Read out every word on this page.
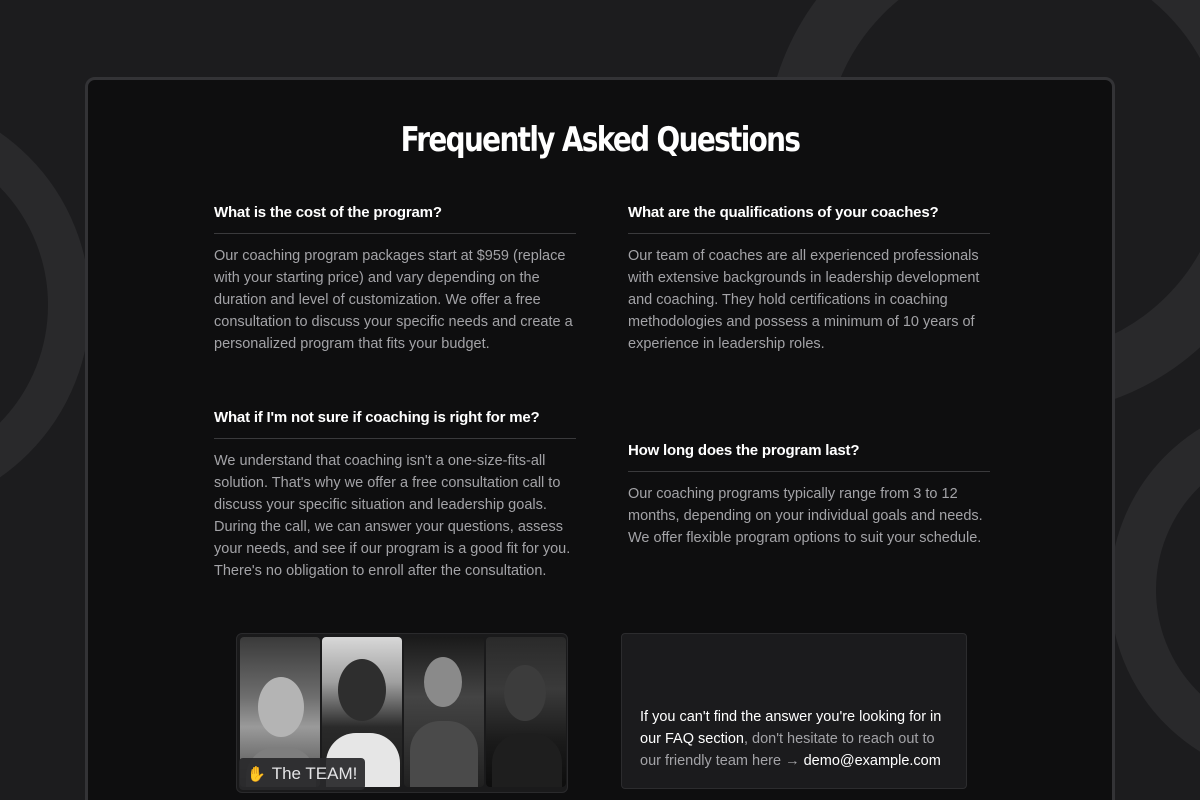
Frequently Asked Questions
What is the cost of the program?

Our coaching program packages start at $959 (replace with your starting price) and vary depending on the duration and level of customization. We offer a free consultation to discuss your specific needs and create a personalized program that fits your budget.

What are the qualifications of your coaches?

Our team of coaches are all experienced professionals with extensive backgrounds in leadership development and coaching. They hold certifications in coaching methodologies and possess a minimum of 10 years of experience in leadership roles.

What if I'm not sure if coaching is right for me?

We understand that coaching isn't a one-size-fits-all solution. That's why we offer a free consultation call to discuss your specific situation and leadership goals. During the call, we can answer your questions, assess your needs, and see if our program is a good fit for you. There's no obligation to enroll after the consultation.

How long does the program last?

Our coaching programs typically range from 3 to 12 months, depending on your individual goals and needs. We offer flexible program options to suit your schedule.

✋ The TEAM!
If you can't find the answer you're looking for in our FAQ section, don't hesitate to reach out to our friendly team here → demo@example.com
